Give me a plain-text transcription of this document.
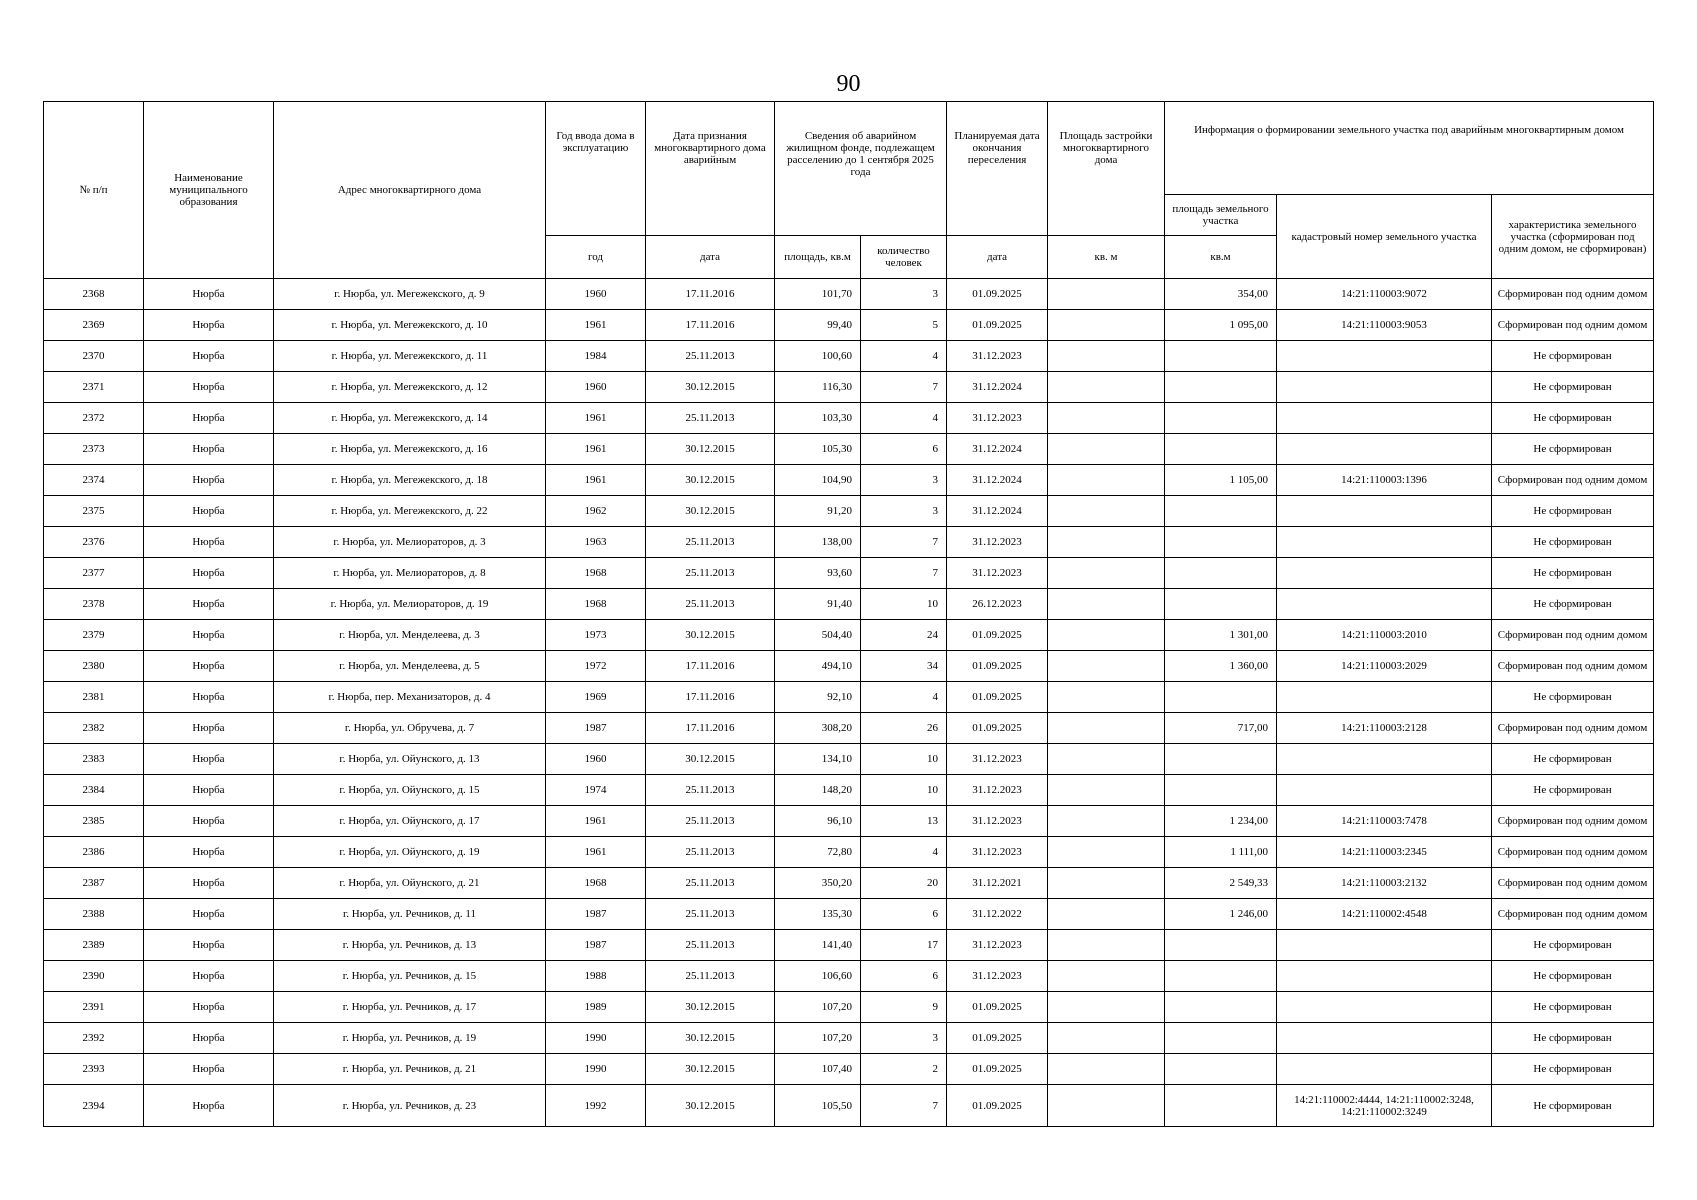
90
№ п/п	Наименование муниципального образования	Адрес многоквартирного дома	Год ввода дома в эксплуатацию	Дата признания многоквартирного дома аварийным	Сведения об аварийном жилищном фонде, подлежащем расселению до 1 сентября 2025 года		Планируемая дата окончания переселения	Площадь застройки многоквартирного дома	Информация о формировании земельного участка под аварийным многоквартирным домом		
									площадь земельного участка	кадастровый номер земельного участка	характеристика земельного участка (сформирован под одним домом, не сформирован)
			год	дата	площадь, кв.м	количество человек	дата	кв. м	кв.м		
2368	Нюрба	г. Нюрба, ул. Мегежекского, д. 9	1960	17.11.2016	101,70	3	01.09.2025		354,00	14:21:110003:9072	Сформирован под одним домом
2369	Нюрба	г. Нюрба, ул. Мегежекского, д. 10	1961	17.11.2016	99,40	5	01.09.2025		1 095,00	14:21:110003:9053	Сформирован под одним домом
2370	Нюрба	г. Нюрба, ул. Мегежекского, д. 11	1984	25.11.2013	100,60	4	31.12.2023				Не сформирован
2371	Нюрба	г. Нюрба, ул. Мегежекского, д. 12	1960	30.12.2015	116,30	7	31.12.2024				Не сформирован
2372	Нюрба	г. Нюрба, ул. Мегежекского, д. 14	1961	25.11.2013	103,30	4	31.12.2023				Не сформирован
2373	Нюрба	г. Нюрба, ул. Мегежекского, д. 16	1961	30.12.2015	105,30	6	31.12.2024				Не сформирован
2374	Нюрба	г. Нюрба, ул. Мегежекского, д. 18	1961	30.12.2015	104,90	3	31.12.2024		1 105,00	14:21:110003:1396	Сформирован под одним домом
2375	Нюрба	г. Нюрба, ул. Мегежекского, д. 22	1962	30.12.2015	91,20	3	31.12.2024				Не сформирован
2376	Нюрба	г. Нюрба, ул. Мелиораторов, д. 3	1963	25.11.2013	138,00	7	31.12.2023				Не сформирован
2377	Нюрба	г. Нюрба, ул. Мелиораторов, д. 8	1968	25.11.2013	93,60	7	31.12.2023				Не сформирован
2378	Нюрба	г. Нюрба, ул. Мелиораторов, д. 19	1968	25.11.2013	91,40	10	26.12.2023				Не сформирован
2379	Нюрба	г. Нюрба, ул. Менделеева, д. 3	1973	30.12.2015	504,40	24	01.09.2025		1 301,00	14:21:110003:2010	Сформирован под одним домом
2380	Нюрба	г. Нюрба, ул. Менделеева, д. 5	1972	17.11.2016	494,10	34	01.09.2025		1 360,00	14:21:110003:2029	Сформирован под одним домом
2381	Нюрба	г. Нюрба, пер. Механизаторов, д. 4	1969	17.11.2016	92,10	4	01.09.2025				Не сформирован
2382	Нюрба	г. Нюрба, ул. Обручева, д. 7	1987	17.11.2016	308,20	26	01.09.2025		717,00	14:21:110003:2128	Сформирован под одним домом
2383	Нюрба	г. Нюрба, ул. Ойунского, д. 13	1960	30.12.2015	134,10	10	31.12.2023				Не сформирован
2384	Нюрба	г. Нюрба, ул. Ойунского, д. 15	1974	25.11.2013	148,20	10	31.12.2023				Не сформирован
2385	Нюрба	г. Нюрба, ул. Ойунского, д. 17	1961	25.11.2013	96,10	13	31.12.2023		1 234,00	14:21:110003:7478	Сформирован под одним домом
2386	Нюрба	г. Нюрба, ул. Ойунского, д. 19	1961	25.11.2013	72,80	4	31.12.2023		1 111,00	14:21:110003:2345	Сформирован под одним домом
2387	Нюрба	г. Нюрба, ул. Ойунского, д. 21	1968	25.11.2013	350,20	20	31.12.2021		2 549,33	14:21:110003:2132	Сформирован под одним домом
2388	Нюрба	г. Нюрба, ул. Речников, д. 11	1987	25.11.2013	135,30	6	31.12.2022		1 246,00	14:21:110002:4548	Сформирован под одним домом
2389	Нюрба	г. Нюрба, ул. Речников, д. 13	1987	25.11.2013	141,40	17	31.12.2023				Не сформирован
2390	Нюрба	г. Нюрба, ул. Речников, д. 15	1988	25.11.2013	106,60	6	31.12.2023				Не сформирован
2391	Нюрба	г. Нюрба, ул. Речников, д. 17	1989	30.12.2015	107,20	9	01.09.2025				Не сформирован
2392	Нюрба	г. Нюрба, ул. Речников, д. 19	1990	30.12.2015	107,20	3	01.09.2025				Не сформирован
2393	Нюрба	г. Нюрба, ул. Речников, д. 21	1990	30.12.2015	107,40	2	01.09.2025				Не сформирован
2394	Нюрба	г. Нюрба, ул. Речников, д. 23	1992	30.12.2015	105,50	7	01.09.2025			14:21:110002:4444, 14:21:110002:3248, 14:21:110002:3249	Не сформирован
